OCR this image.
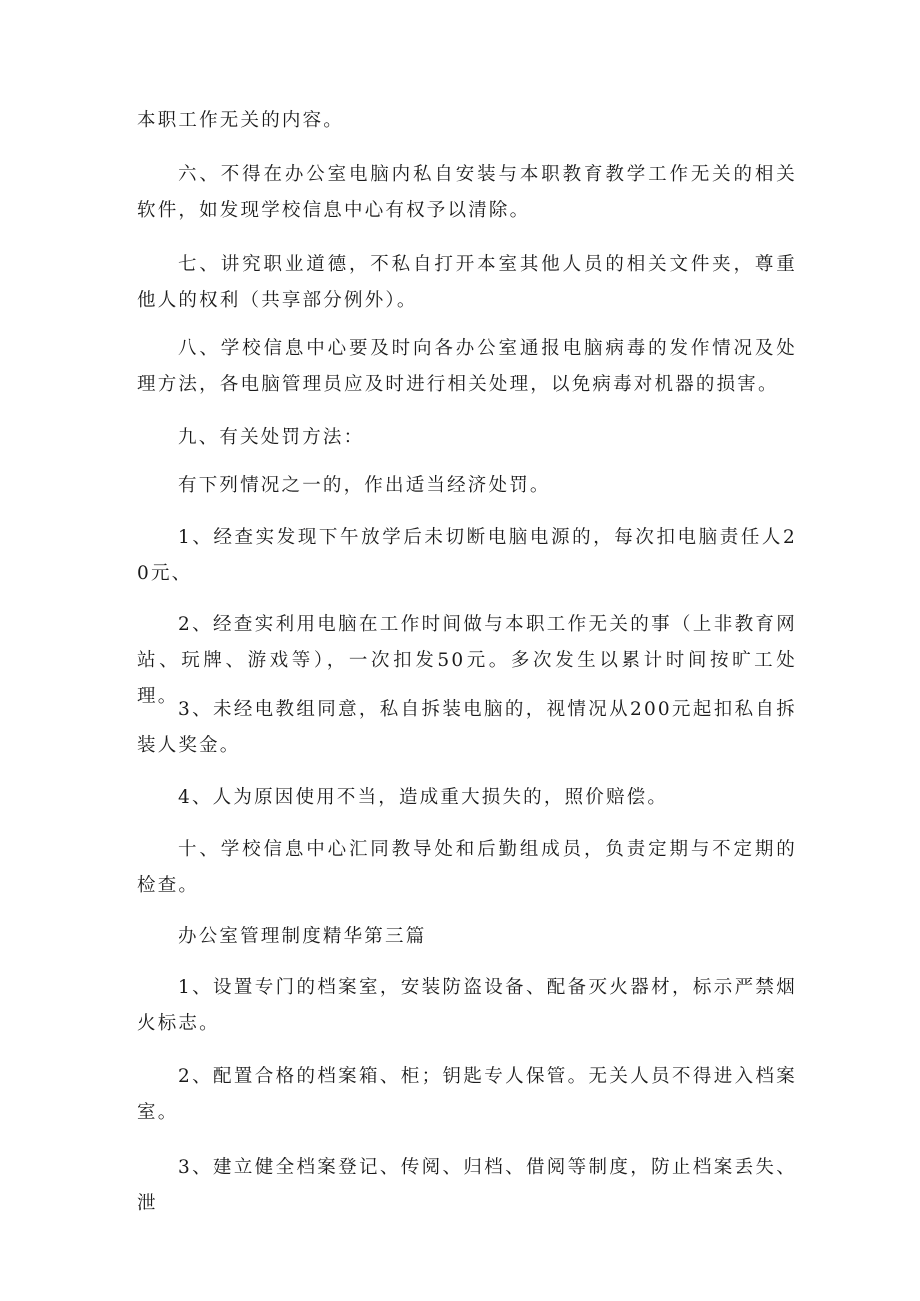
本职工作无关的内容。

六、不得在办公室电脑内私自安装与本职教育教学工作无关的相关软件，如发现学校信息中心有权予以清除。

七、讲究职业道德，不私自打开本室其他人员的相关文件夹，尊重他人的权利（共享部分例外）。

八、学校信息中心要及时向各办公室通报电脑病毒的发作情况及处理方法，各电脑管理员应及时进行相关处理，以免病毒对机器的损害。

九、有关处罚方法：

有下列情况之一的，作出适当经济处罚。

1、经查实发现下午放学后未切断电脑电源的，每次扣电脑责任人20元、

2、经查实利用电脑在工作时间做与本职工作无关的事（上非教育网站、玩牌、游戏等），一次扣发50元。多次发生以累计时间按旷工处理。

3、未经电教组同意，私自拆装电脑的，视情况从200元起扣私自拆装人奖金。

4、人为原因使用不当，造成重大损失的，照价赔偿。

十、学校信息中心汇同教导处和后勤组成员，负责定期与不定期的检查。

办公室管理制度精华第三篇

1、设置专门的档案室，安装防盗设备、配备灭火器材，标示严禁烟火标志。

2、配置合格的档案箱、柜；钥匙专人保管。无关人员不得进入档案室。

3、建立健全档案登记、传阅、归档、借阅等制度，防止档案丢失、泄
